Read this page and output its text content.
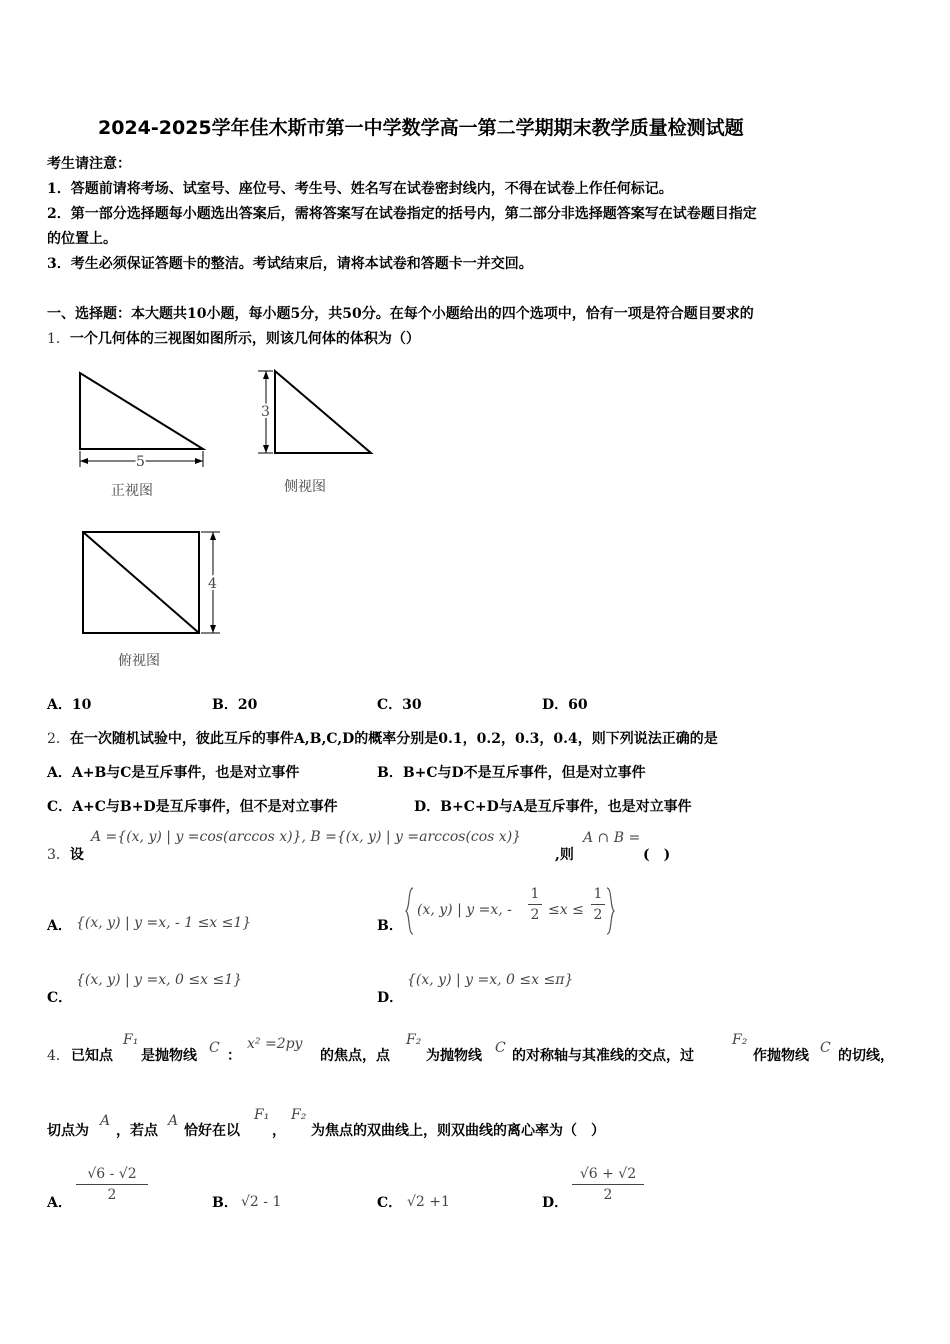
2024-2025学年佳木斯市第一中学数学高一第二学期期末教学质量检测试题
考生请注意：
1．答题前请将考场、试室号、座位号、考生号、姓名写在试卷密封线内，不得在试卷上作任何标记。
2．第一部分选择题每小题选出答案后，需将答案写在试卷指定的括号内，第二部分非选择题答案写在试卷题目指定
的位置上。
3．考生必须保证答题卡的整洁。考试结束后，请将本试卷和答题卡一并交回。
一、选择题：本大题共10小题，每小题5分，共50分。在每个小题给出的四个选项中，恰有一项是符合题目要求的
1．一个几何体的三视图如图所示，则该几何体的体积为（）
5
正视图
3
侧视图
4
俯视图
A．10	B．20	C．30	D．60
2．在一次随机试验中，彼此互斥的事件A,B,C,D的概率分别是0.1，0.2，0.3，0.4，则下列说法正确的是
A．A+B与C是互斥事件，也是对立事件	B．B+C与D不是互斥事件，但是对立事件
C．A+C与B+D是互斥事件，但不是对立事件	D．B+C+D与A是互斥事件，也是对立事件
3．设
A ={(x, y) | y =cos(arccos x)}, B ={(x, y) | y =arccos(cos x)}
,则
A ∩ B =
(　)
A． {(x, y) | y =x, - 1 ≤x ≤1}	B．
(x, y) | y =x, -
1
2 ≤x ≤
1
2
C．
{(x, y) | y =x, 0 ≤x ≤1}
D．
{(x, y) | y =x, 0 ≤x ≤π}
4． 已知点
F₁
是抛物线 C ：
x² =2py
的焦点，点
F₂
为抛物线 C 的对称轴与其准线的交点，过
F₂
作抛物线 C 的切线，
切点为
A
，若点
A
恰好在以
F₁
，
F₂
为焦点的双曲线上，则双曲线的离心率为（　）
A．
√6 - √2
2	B． √2 - 1	C． √2 +1	D．
√6 + √2
2
